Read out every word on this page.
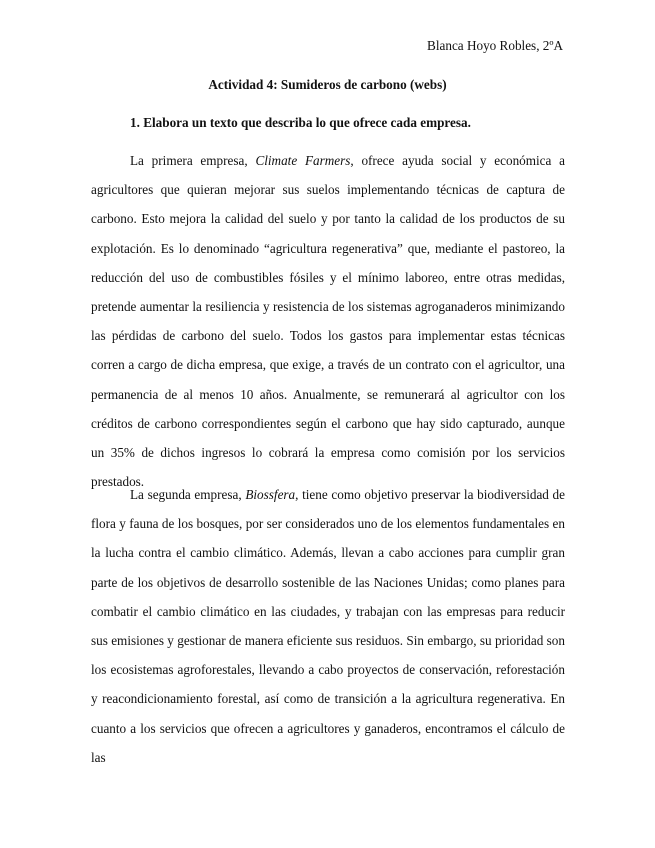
Blanca Hoyo Robles, 2ºA
Actividad 4: Sumideros de carbono (webs)
1. Elabora un texto que describa lo que ofrece cada empresa.

La primera empresa, Climate Farmers, ofrece ayuda social y económica a agricultores que quieran mejorar sus suelos implementando técnicas de captura de carbono. Esto mejora la calidad del suelo y por tanto la calidad de los productos de su explotación. Es lo denominado “agricultura regenerativa” que, mediante el pastoreo, la reducción del uso de combustibles fósiles y el mínimo laboreo, entre otras medidas, pretende aumentar la resiliencia y resistencia de los sistemas agroganaderos minimizando las pérdidas de carbono del suelo. Todos los gastos para implementar estas técnicas corren a cargo de dicha empresa, que exige, a través de un contrato con el agricultor, una permanencia de al menos 10 años. Anualmente, se remunerará al agricultor con los créditos de carbono correspondientes según el carbono que hay sido capturado, aunque un 35% de dichos ingresos lo cobrará la empresa como comisión por los servicios prestados.

La segunda empresa, Biossfera, tiene como objetivo preservar la biodiversidad de flora y fauna de los bosques, por ser considerados uno de los elementos fundamentales en la lucha contra el cambio climático. Además, llevan a cabo acciones para cumplir gran parte de los objetivos de desarrollo sostenible de las Naciones Unidas; como planes para combatir el cambio climático en las ciudades, y trabajan con las empresas para reducir sus emisiones y gestionar de manera eficiente sus residuos. Sin embargo, su prioridad son los ecosistemas agroforestales, llevando a cabo proyectos de conservación, reforestación y reacondicionamiento forestal, así como de transición a la agricultura regenerativa. En cuanto a los servicios que ofrecen a agricultores y ganaderos, encontramos el cálculo de las
